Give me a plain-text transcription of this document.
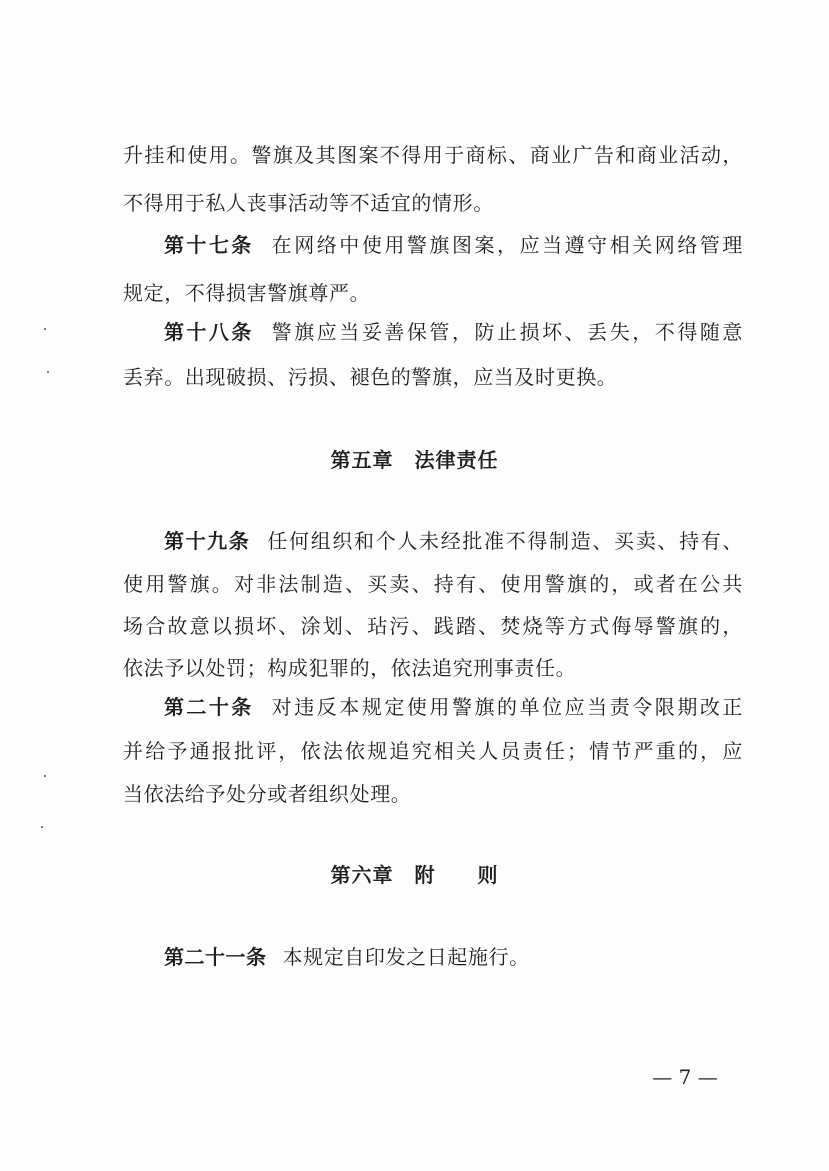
升挂和使用。警旗及其图案不得用于商标、商业广告和商业活动，

不得用于私人丧事活动等不适宜的情形。

第十七条 在网络中使用警旗图案，应当遵守相关网络管理

规定，不得损害警旗尊严。

第十八条 警旗应当妥善保管，防止损坏、丢失，不得随意

丢弃。出现破损、污损、褪色的警旗，应当及时更换。

第五章　法律责任

第十九条 任何组织和个人未经批准不得制造、买卖、持有、

使用警旗。对非法制造、买卖、持有、使用警旗的，或者在公共

场合故意以损坏、涂划、玷污、践踏、焚烧等方式侮辱警旗的，

依法予以处罚；构成犯罪的，依法追究刑事责任。

第二十条 对违反本规定使用警旗的单位应当责令限期改正

并给予通报批评，依法依规追究相关人员责任；情节严重的，应

当依法给予处分或者组织处理。

第六章　附　　则

第二十一条 本规定自印发之日起施行。
— 7 —
